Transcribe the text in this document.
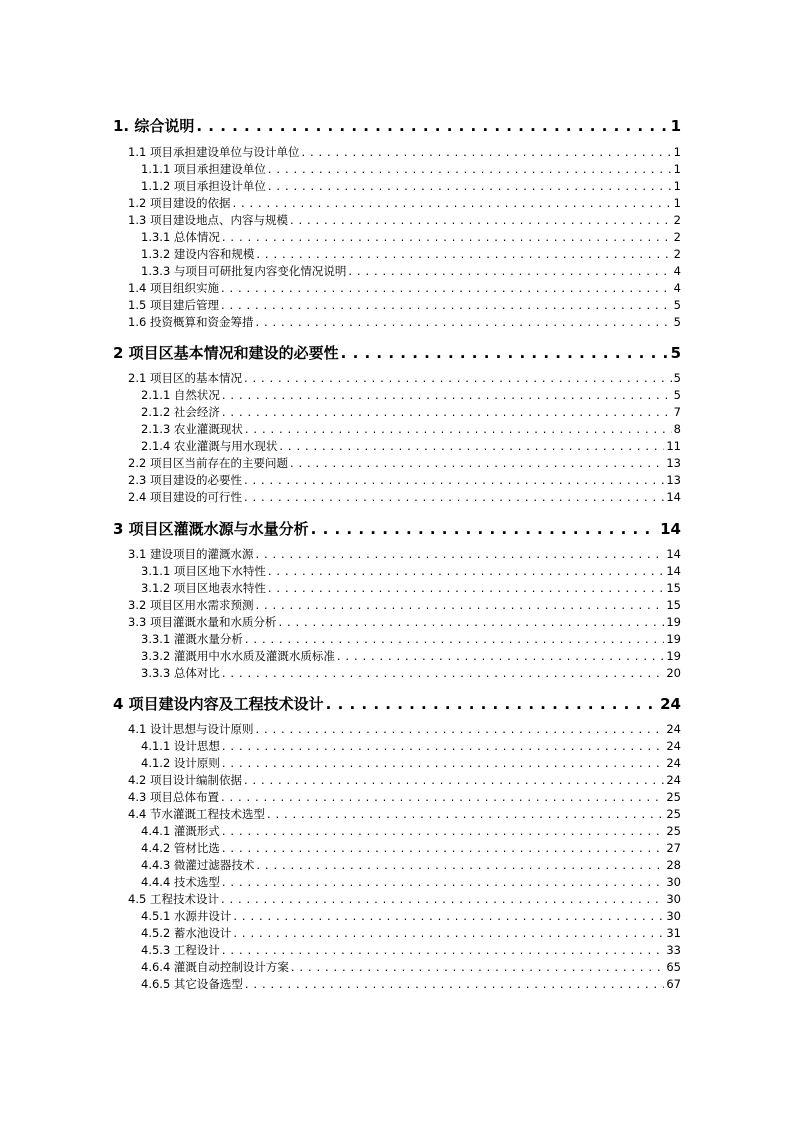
1. 综合说明 . . .	1
1.1 项目承担建设单位与设计单位 . . .	1
1.1.1 项目承担建设单位 . . .	1
1.1.2 项目承担设计单位 . . .	1
1.2 项目建设的依据 . . .	1
1.3 项目建设地点、内容与规模 . . .	2
1.3.1 总体情况 . . .	2
1.3.2 建设内容和规模 . . .	2
1.3.3 与项目可研批复内容变化情况说明 . . .	4
1.4 项目组织实施 . . .	4
1.5 项目建后管理 . . .	5
1.6 投资概算和资金筹措 . . .	5
2 项目区基本情况和建设的必要性 . . .	5
2.1 项目区的基本情况 . . .	5
2.1.1 自然状况 . . .	5
2.1.2 社会经济 . . .	7
2.1.3 农业灌溉现状 . . .	8
2.1.4 农业灌溉与用水现状 . . .	11
2.2 项目区当前存在的主要问题 . . .	13
2.3 项目建设的必要性 . . .	13
2.4 项目建设的可行性 . . .	14
3 项目区灌溉水源与水量分析 . . .	14
3.1 建设项目的灌溉水源 . . .	14
3.1.1 项目区地下水特性 . . .	14
3.1.2 项目区地表水特性 . . .	15
3.2 项目区用水需求预测 . . .	15
3.3 项目灌溉水量和水质分析 . . .	19
3.3.1 灌溉水量分析 . . .	19
3.3.2 灌溉用中水水质及灌溉水质标准 . . .	19
3.3.3 总体对比 . . .	20
4 项目建设内容及工程技术设计 . . .	24
4.1 设计思想与设计原则 . . .	24
4.1.1 设计思想 . . .	24
4.1.2 设计原则 . . .	24
4.2 项目设计编制依据 . . .	24
4.3 项目总体布置 . . .	25
4.4 节水灌溉工程技术选型 . . .	25
4.4.1 灌溉形式 . . .	25
4.4.2 管材比选 . . .	27
4.4.3 微灌过滤器技术 . . .	28
4.4.4 技术选型 . . .	30
4.5 工程技术设计 . . .	30
4.5.1 水源井设计 . . .	30
4.5.2 蓄水池设计 . . .	31
4.5.3 工程设计 . . .	33
4.6.4 灌溉自动控制设计方案 . . .	65
4.6.5 其它设备选型 . . .	67
